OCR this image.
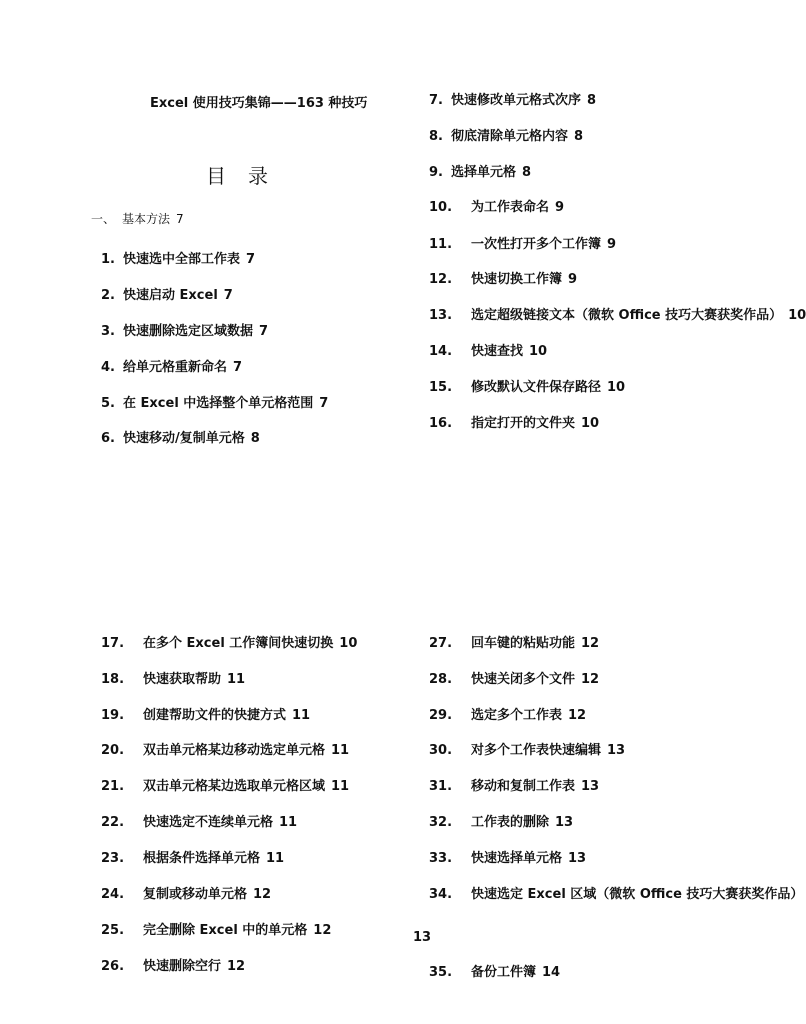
Excel 使用技巧集锦——163 种技巧
目录
一、 基本方法 7
1. 快速选中全部工作表 7
2. 快速启动 Excel 7
3. 快速删除选定区域数据 7
4. 给单元格重新命名 7
5. 在 Excel 中选择整个单元格范围 7
6. 快速移动/复制单元格 8
7. 快速修改单元格式次序 8
8. 彻底清除单元格内容 8
9. 选择单元格 8
10. 为工作表命名 9
11. 一次性打开多个工作簿 9
12. 快速切换工作簿 9
13. 选定超级链接文本（微软 Office 技巧大赛获奖作品） 10
14. 快速查找 10
15. 修改默认文件保存路径 10
16. 指定打开的文件夹 10
17. 在多个 Excel 工作簿间快速切换 10
18. 快速获取帮助 11
19. 创建帮助文件的快捷方式 11
20. 双击单元格某边移动选定单元格 11
21. 双击单元格某边选取单元格区域 11
22. 快速选定不连续单元格 11
23. 根据条件选择单元格 11
24. 复制或移动单元格 12
25. 完全删除 Excel 中的单元格 12
26. 快速删除空行 12
27. 回车键的粘贴功能 12
28. 快速关闭多个文件 12
29. 选定多个工作表 12
30. 对多个工作表快速编辑 13
31. 移动和复制工作表 13
32. 工作表的删除 13
33. 快速选择单元格 13
34. 快速选定 Excel 区域（微软 Office 技巧大赛获奖作品）
13
35. 备份工件簿 14
